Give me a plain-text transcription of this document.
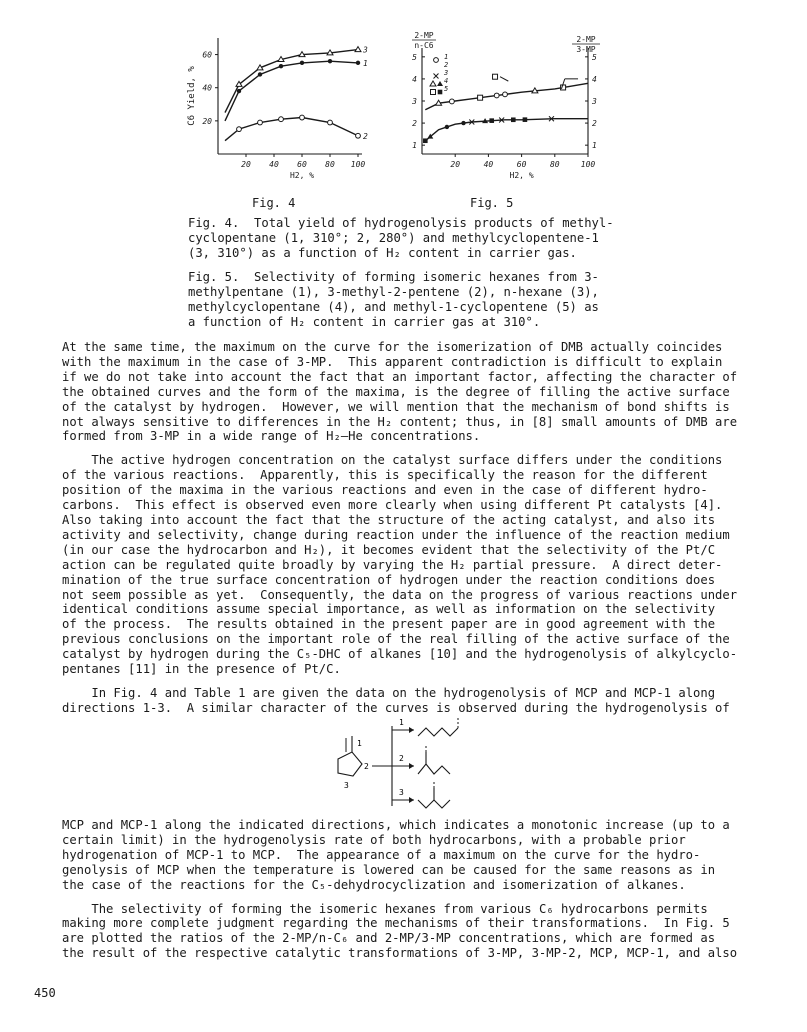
20
40
60
20 40 60 80 100
H2, %
C6 Yield, %
1
2
3
2-MP
n-C6
2-MP
3-MP
1
2
3
4
5
1
2
3
4
5
20	40	60	80	100
H2, %
1
2
3
4
5
Fig. 4	Fig. 5
Fig. 4.  Total yield of hydrogenolysis products of methyl-
cyclopentane (1, 310°; 2, 280°) and methylcyclopentene-1
(3, 310°) as a function of H₂ content in carrier gas.
Fig. 5.  Selectivity of forming isomeric hexanes from 3-
methylpentane (1), 3-methyl-2-pentene (2), n-hexane (3),
methylcyclopentane (4), and methyl-1-cyclopentene (5) as
a function of H₂ content in carrier gas at 310°.

At the same time, the maximum on the curve for the isomerization of DMB actually coincides
with the maximum in the case of 3-MP.  This apparent contradiction is difficult to explain
if we do not take into account the fact that an important factor, affecting the character of
the obtained curves and the form of the maxima, is the degree of filling the active surface
of the catalyst by hydrogen.  However, we will mention that the mechanism of bond shifts is
not always sensitive to differences in the H₂ content; thus, in [8] small amounts of DMB are
formed from 3-MP in a wide range of H₂–He concentrations.

The active hydrogen concentration on the catalyst surface differs under the conditions
of the various reactions.  Apparently, this is specifically the reason for the different
position of the maxima in the various reactions and even in the case of different hydro-
carbons.  This effect is observed even more clearly when using different Pt catalysts [4].
Also taking into account the fact that the structure of the acting catalyst, and also its
activity and selectivity, change during reaction under the influence of the reaction medium
(in our case the hydrocarbon and H₂), it becomes evident that the selectivity of the Pt/C
action can be regulated quite broadly by varying the H₂ partial pressure.  A direct deter-
mination of the true surface concentration of hydrogen under the reaction conditions does
not seem possible as yet.  Consequently, the data on the progress of various reactions under
identical conditions assume special importance, as well as information on the selectivity
of the process.  The results obtained in the present paper are in good agreement with the
previous conclusions on the important role of the real filling of the active surface of the
catalyst by hydrogen during the C₅-DHC of alkanes [10] and the hydrogenolysis of alkylcyclo-
pentanes [11] in the presence of Pt/C.

In Fig. 4 and Table 1 are given the data on the hydrogenolysis of MCP and MCP-1 along
directions 1-3.  A similar character of the curves is observed during the hydrogenolysis of

1
2
3
1
2
3

MCP and MCP-1 along the indicated directions, which indicates a monotonic increase (up to a
certain limit) in the hydrogenolysis rate of both hydrocarbons, with a probable prior
hydrogenation of MCP-1 to MCP.  The appearance of a maximum on the curve for the hydro-
genolysis of MCP when the temperature is lowered can be caused for the same reasons as in
the case of the reactions for the C₅-dehydrocyclization and isomerization of alkanes.

The selectivity of forming the isomeric hexanes from various C₆ hydrocarbons permits
making more complete judgment regarding the mechanisms of their transformations.  In Fig. 5
are plotted the ratios of the 2-MP/n-C₆ and 2-MP/3-MP concentrations, which are formed as
the result of the respective catalytic transformations of 3-MP, 3-MP-2, MCP, MCP-1, and also

450
